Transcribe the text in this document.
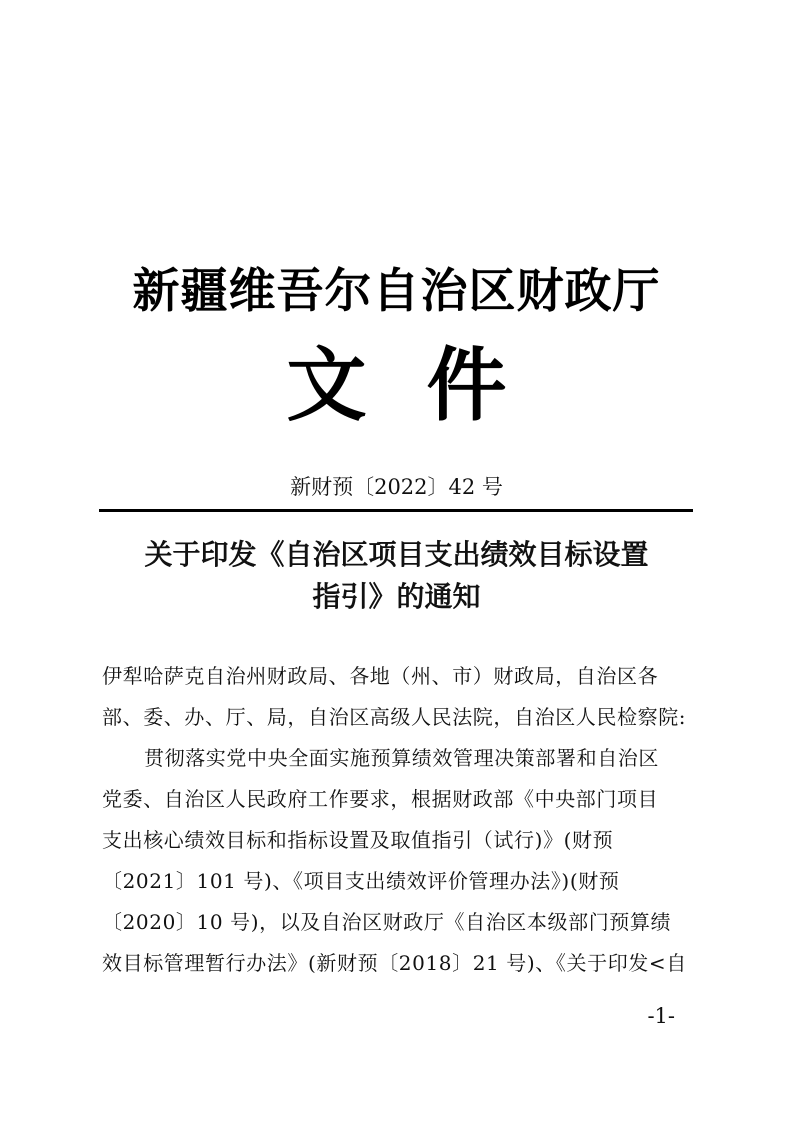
新疆维吾尔自治区财政厅
文件
新财预〔2022〕42 号
关于印发《自治区项目支出绩效目标设置
指引》的通知
伊犁哈萨克自治州财政局、各地（州、市）财政局，自治区各
部、委、办、厅、局，自治区高级人民法院，自治区人民检察院:
贯彻落实党中央全面实施预算绩效管理决策部署和自治区
党委、自治区人民政府工作要求，根据财政部《中央部门项目
支出核心绩效目标和指标设置及取值指引（试行)》(财预
〔2021〕101 号)、《项目支出绩效评价管理办法》)(财预
〔2020〕10 号)，以及自治区财政厅《自治区本级部门预算绩
效目标管理暂行办法》(新财预〔2018〕21 号)、《关于印发<自
-1-
